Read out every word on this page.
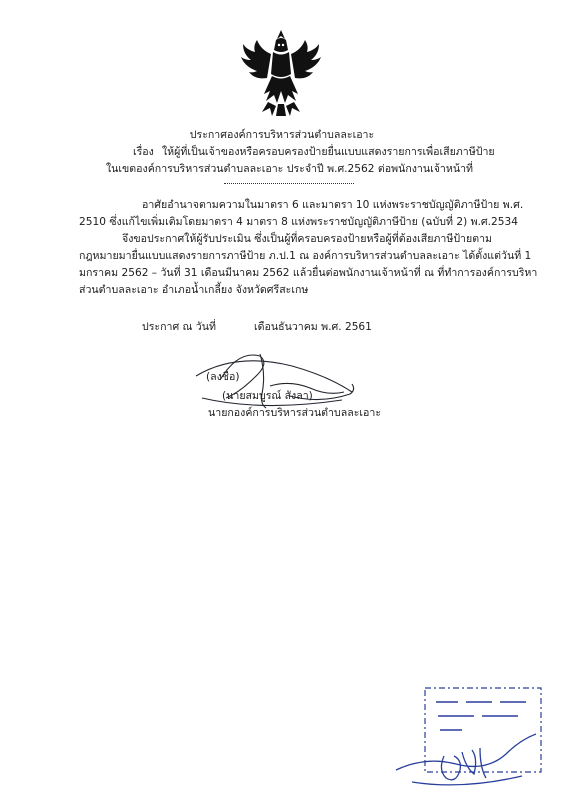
ประกาศองค์การบริหารส่วนตำบลละเอาะ
เรื่อง ให้ผู้ที่เป็นเจ้าของหรือครอบครองป้ายยื่นแบบแสดงรายการเพื่อเสียภาษีป้าย
ในเขตองค์การบริหารส่วนตำบลละเอาะ ประจำปี พ.ศ.2562 ต่อพนักงานเจ้าหน้าที่
อาศัยอำนาจตามความในมาตรา 6 และมาตรา 10 แห่งพระราชบัญญัติภาษีป้าย พ.ศ.
2510 ซึ่งแก้ไขเพิ่มเติมโดยมาตรา 4 มาตรา 8 แห่งพระราชบัญญัติภาษีป้าย (ฉบับที่ 2) พ.ศ.2534
จึงขอประกาศให้ผู้รับประเมิน ซึ่งเป็นผู้ที่ครอบครองป้ายหรือผู้ที่ต้องเสียภาษีป้ายตาม
กฎหมายมายื่นแบบแสดงรายการภาษีป้าย ภ.ป.1 ณ องค์การบริหารส่วนตำบลละเอาะ ได้ตั้งแต่วันที่ 1
มกราคม 2562 – วันที่ 31 เดือนมีนาคม 2562 แล้วยื่นต่อพนักงานเจ้าหน้าที่ ณ ที่ทำการองค์การบริหา
ส่วนตำบลละเอาะ อำเภอน้ำเกลี้ยง จังหวัดศรีสะเกษ
ประกาศ ณ วันที่	เดือนธันวาคม พ.ศ. 2561
(ลงชื่อ)
(นายสมบูรณ์ สังลา)
นายกองค์การบริหารส่วนตำบลละเอาะ
